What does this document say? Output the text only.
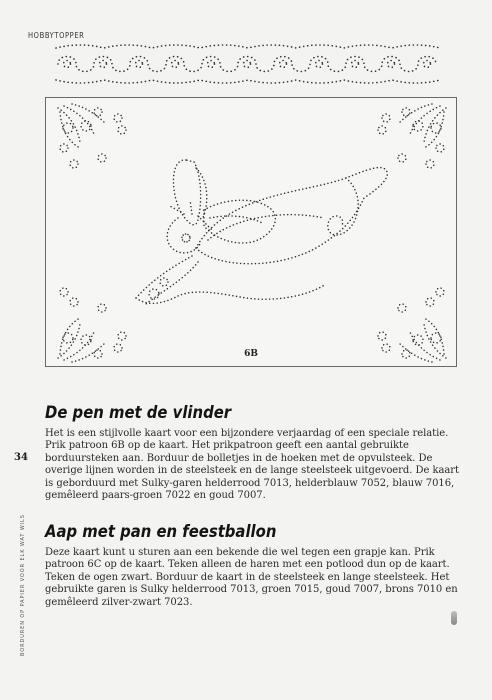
HOBBYTOPPER
6B
34
BORDUREN OP PAPIER VOOR ELK WAT WILS
De pen met de vlinder

Het is een stijlvolle kaart voor een bijzondere verjaardag of een speciale relatie. Prik patroon 6B op de kaart. Het prikpatroon geeft een aantal gebruikte borduursteken aan. Borduur de bolletjes in de hoeken met de opvulsteek. De overige lijnen worden in de steelsteek en de lange steelsteek uitgevoerd. De kaart is geborduurd met Sulky-garen helderrood 7013, helderblauw 7052, blauw 7016, gemêleerd paars-groen 7022 en goud 7007.

Aap met pan en feestballon

Deze kaart kunt u sturen aan een bekende die wel tegen een grapje kan. Prik patroon 6C op de kaart. Teken alleen de haren met een potlood dun op de kaart. Teken de ogen zwart. Borduur de kaart in de steelsteek en lange steelsteek. Het gebruikte garen is Sulky helderrood 7013, groen 7015, goud 7007, brons 7010 en gemêleerd zilver-zwart 7023.
